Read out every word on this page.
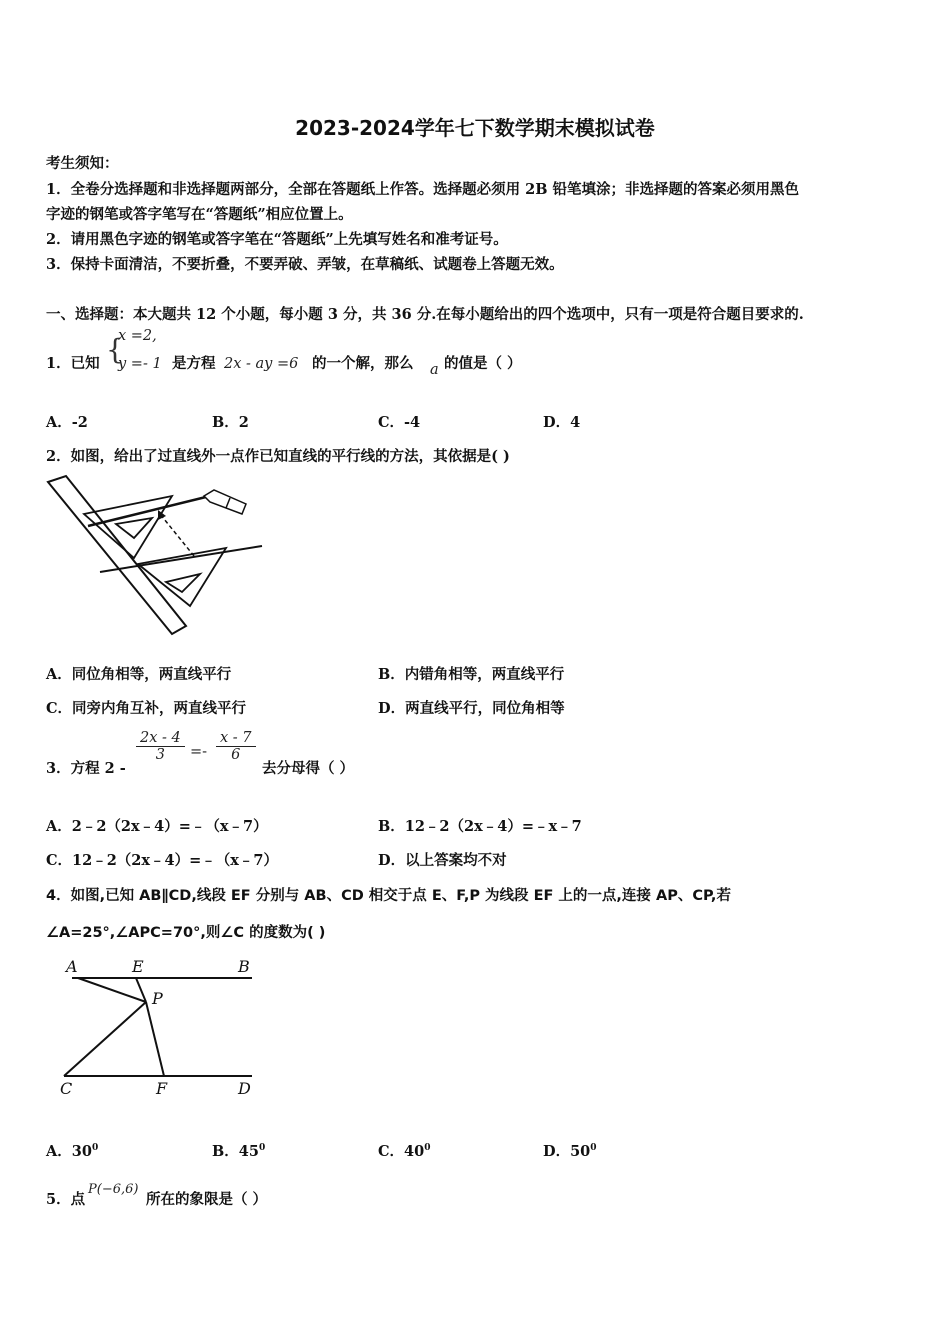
2023-2024学年七下数学期末模拟试卷
考生须知：
1．全卷分选择题和非选择题两部分，全部在答题纸上作答。选择题必须用 2B 铅笔填涂；非选择题的答案必须用黑色
字迹的钢笔或答字笔写在“答题纸”相应位置上。
2．请用黑色字迹的钢笔或答字笔在“答题纸”上先填写姓名和准考证号。
3．保持卡面清洁，不要折叠，不要弄破、弄皱，在草稿纸、试题卷上答题无效。
一、选择题：本大题共 12 个小题，每小题 3 分，共 36 分.在每小题给出的四个选项中，只有一项是符合题目要求的.
1．已知 {
x =2,
y =- 1 是方程 2x - ay =6 的一个解，那么 a 的值是（ ）
A．-2	B．2	C．-4	D．4
2．如图，给出了过直线外一点作已知直线的平行线的方法，其依据是( )
A．同位角相等，两直线平行	B．内错角相等，两直线平行
C．同旁内角互补，两直线平行	D．两直线平行，同位角相等
3．方程 2 -
$\frac{2x - 4}{3} =- \frac{x - 7}{6}$
去分母得（ ）
A．2﹣2（2x﹣4）=﹣（x﹣7）	B．12﹣2（2x﹣4）=﹣x﹣7
C．12﹣2（2x﹣4）=﹣（x﹣7）	D．以上答案均不对
4．如图,已知 AB∥CD,线段 EF 分别与 AB、CD 相交于点 E、F,P 为线段 EF 上的一点,连接 AP、CP,若
∠A=25°,∠APC=70°,则∠C 的度数为( )
A	E	B
P
C	F	D
A．$30^0$	B．$45^0$	C．$40^0$	D．$50^0$
5．点
P(−6,6)
所在的象限是（ ）
